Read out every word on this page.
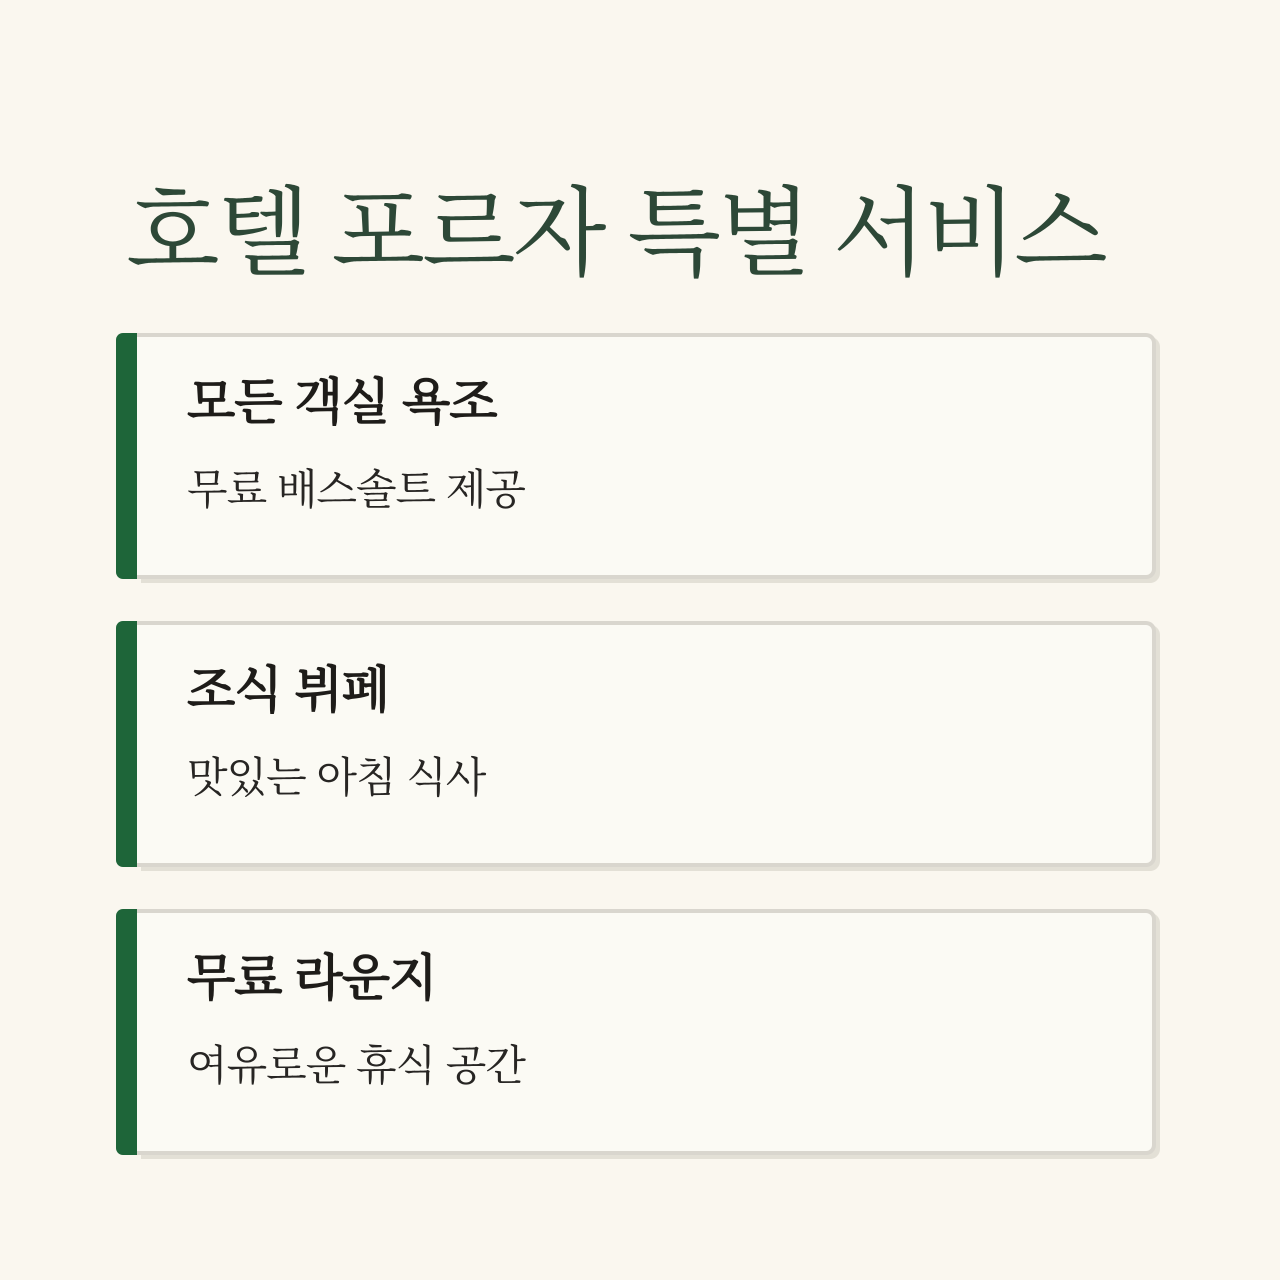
호텔 포르자 특별 서비스
모든 객실 욕조
무료 배스솔트 제공
조식 뷔페
맛있는 아침 식사
무료 라운지
여유로운 휴식 공간
